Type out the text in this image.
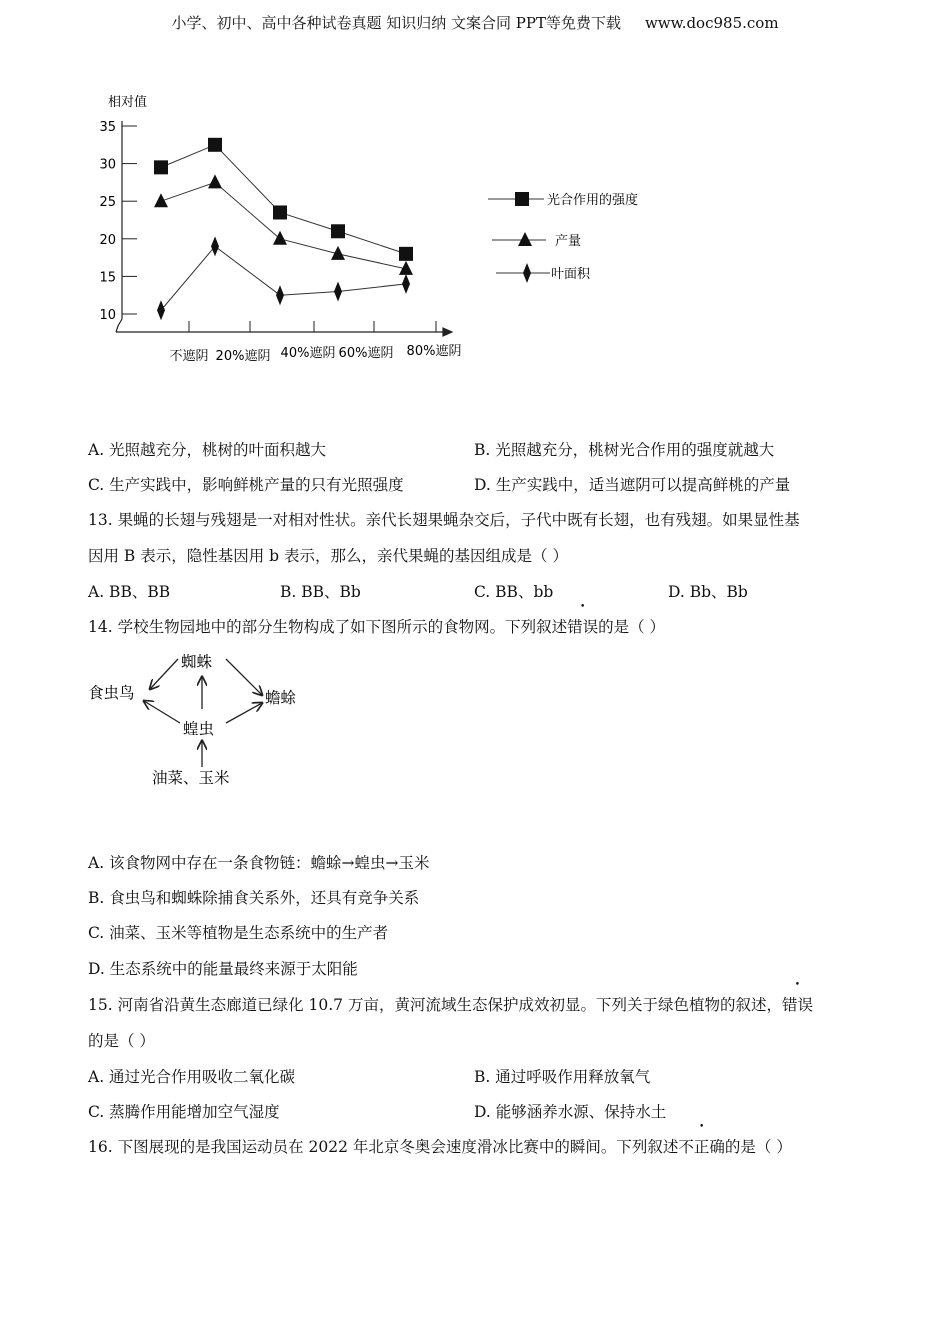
小学、初中、高中各种试卷真题 知识归纳 文案合同 PPT等免费下载 www.doc985.com
相对值
10
15
20
25
30
35
不遮阴 20%遮阴 40%遮阴 60%遮阴 80%遮阴
光合作用的强度
产量
叶面积
A. 光照越充分，桃树的叶面积越大	B. 光照越充分，桃树光合作用的强度就越大
C. 生产实践中，影响鲜桃产量的只有光照强度	D. 生产实践中，适当遮阴可以提高鲜桃的产量
13. 果蝇的长翅与残翅是一对相对性状。亲代长翅果蝇杂交后，子代中既有长翅，也有残翅。如果显性基
因用 B 表示，隐性基因用 b 表示，那么，亲代果蝇的基因组成是（ ）
A. BB、BB	B. BB、Bb	C. BB、bb	D. Bb、Bb
14. 学校生物园地中的部分生物构成了如下图所示的食物网。下列叙述错误的是（ ）
蜘蛛
食虫鸟	蟾蜍
蝗虫
油菜、玉米
A. 该食物网中存在一条食物链：蟾蜍→蝗虫→玉米
B. 食虫鸟和蜘蛛除捕食关系外，还具有竞争关系
C. 油菜、玉米等植物是生态系统中的生产者
D. 生态系统中的能量最终来源于太阳能
15. 河南省沿黄生态廊道已绿化 10.7 万亩，黄河流域生态保护成效初显。下列关于绿色植物的叙述，错误
的是（ ）
A. 通过光合作用吸收二氧化碳	B. 通过呼吸作用释放氧气
C. 蒸腾作用能增加空气湿度	D. 能够涵养水源、保持水土
16. 下图展现的是我国运动员在 2022 年北京冬奥会速度滑冰比赛中的瞬间。下列叙述不正确的是（ ）
